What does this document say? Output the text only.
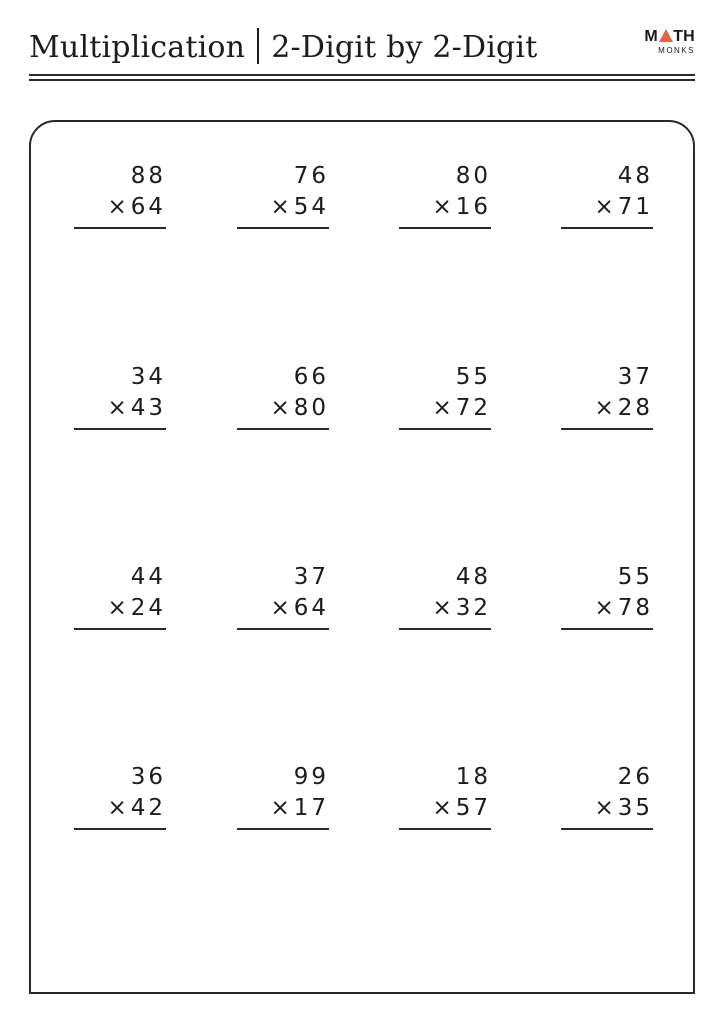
Multiplication 2-Digit by 2-Digit	M TH
MONKS
88
×64
76
×54
80
×16
48
×71
34
×43
66
×80
55
×72
37
×28
44
×24
37
×64
48
×32
55
×78
36
×42
99
×17
18
×57
26
×35
